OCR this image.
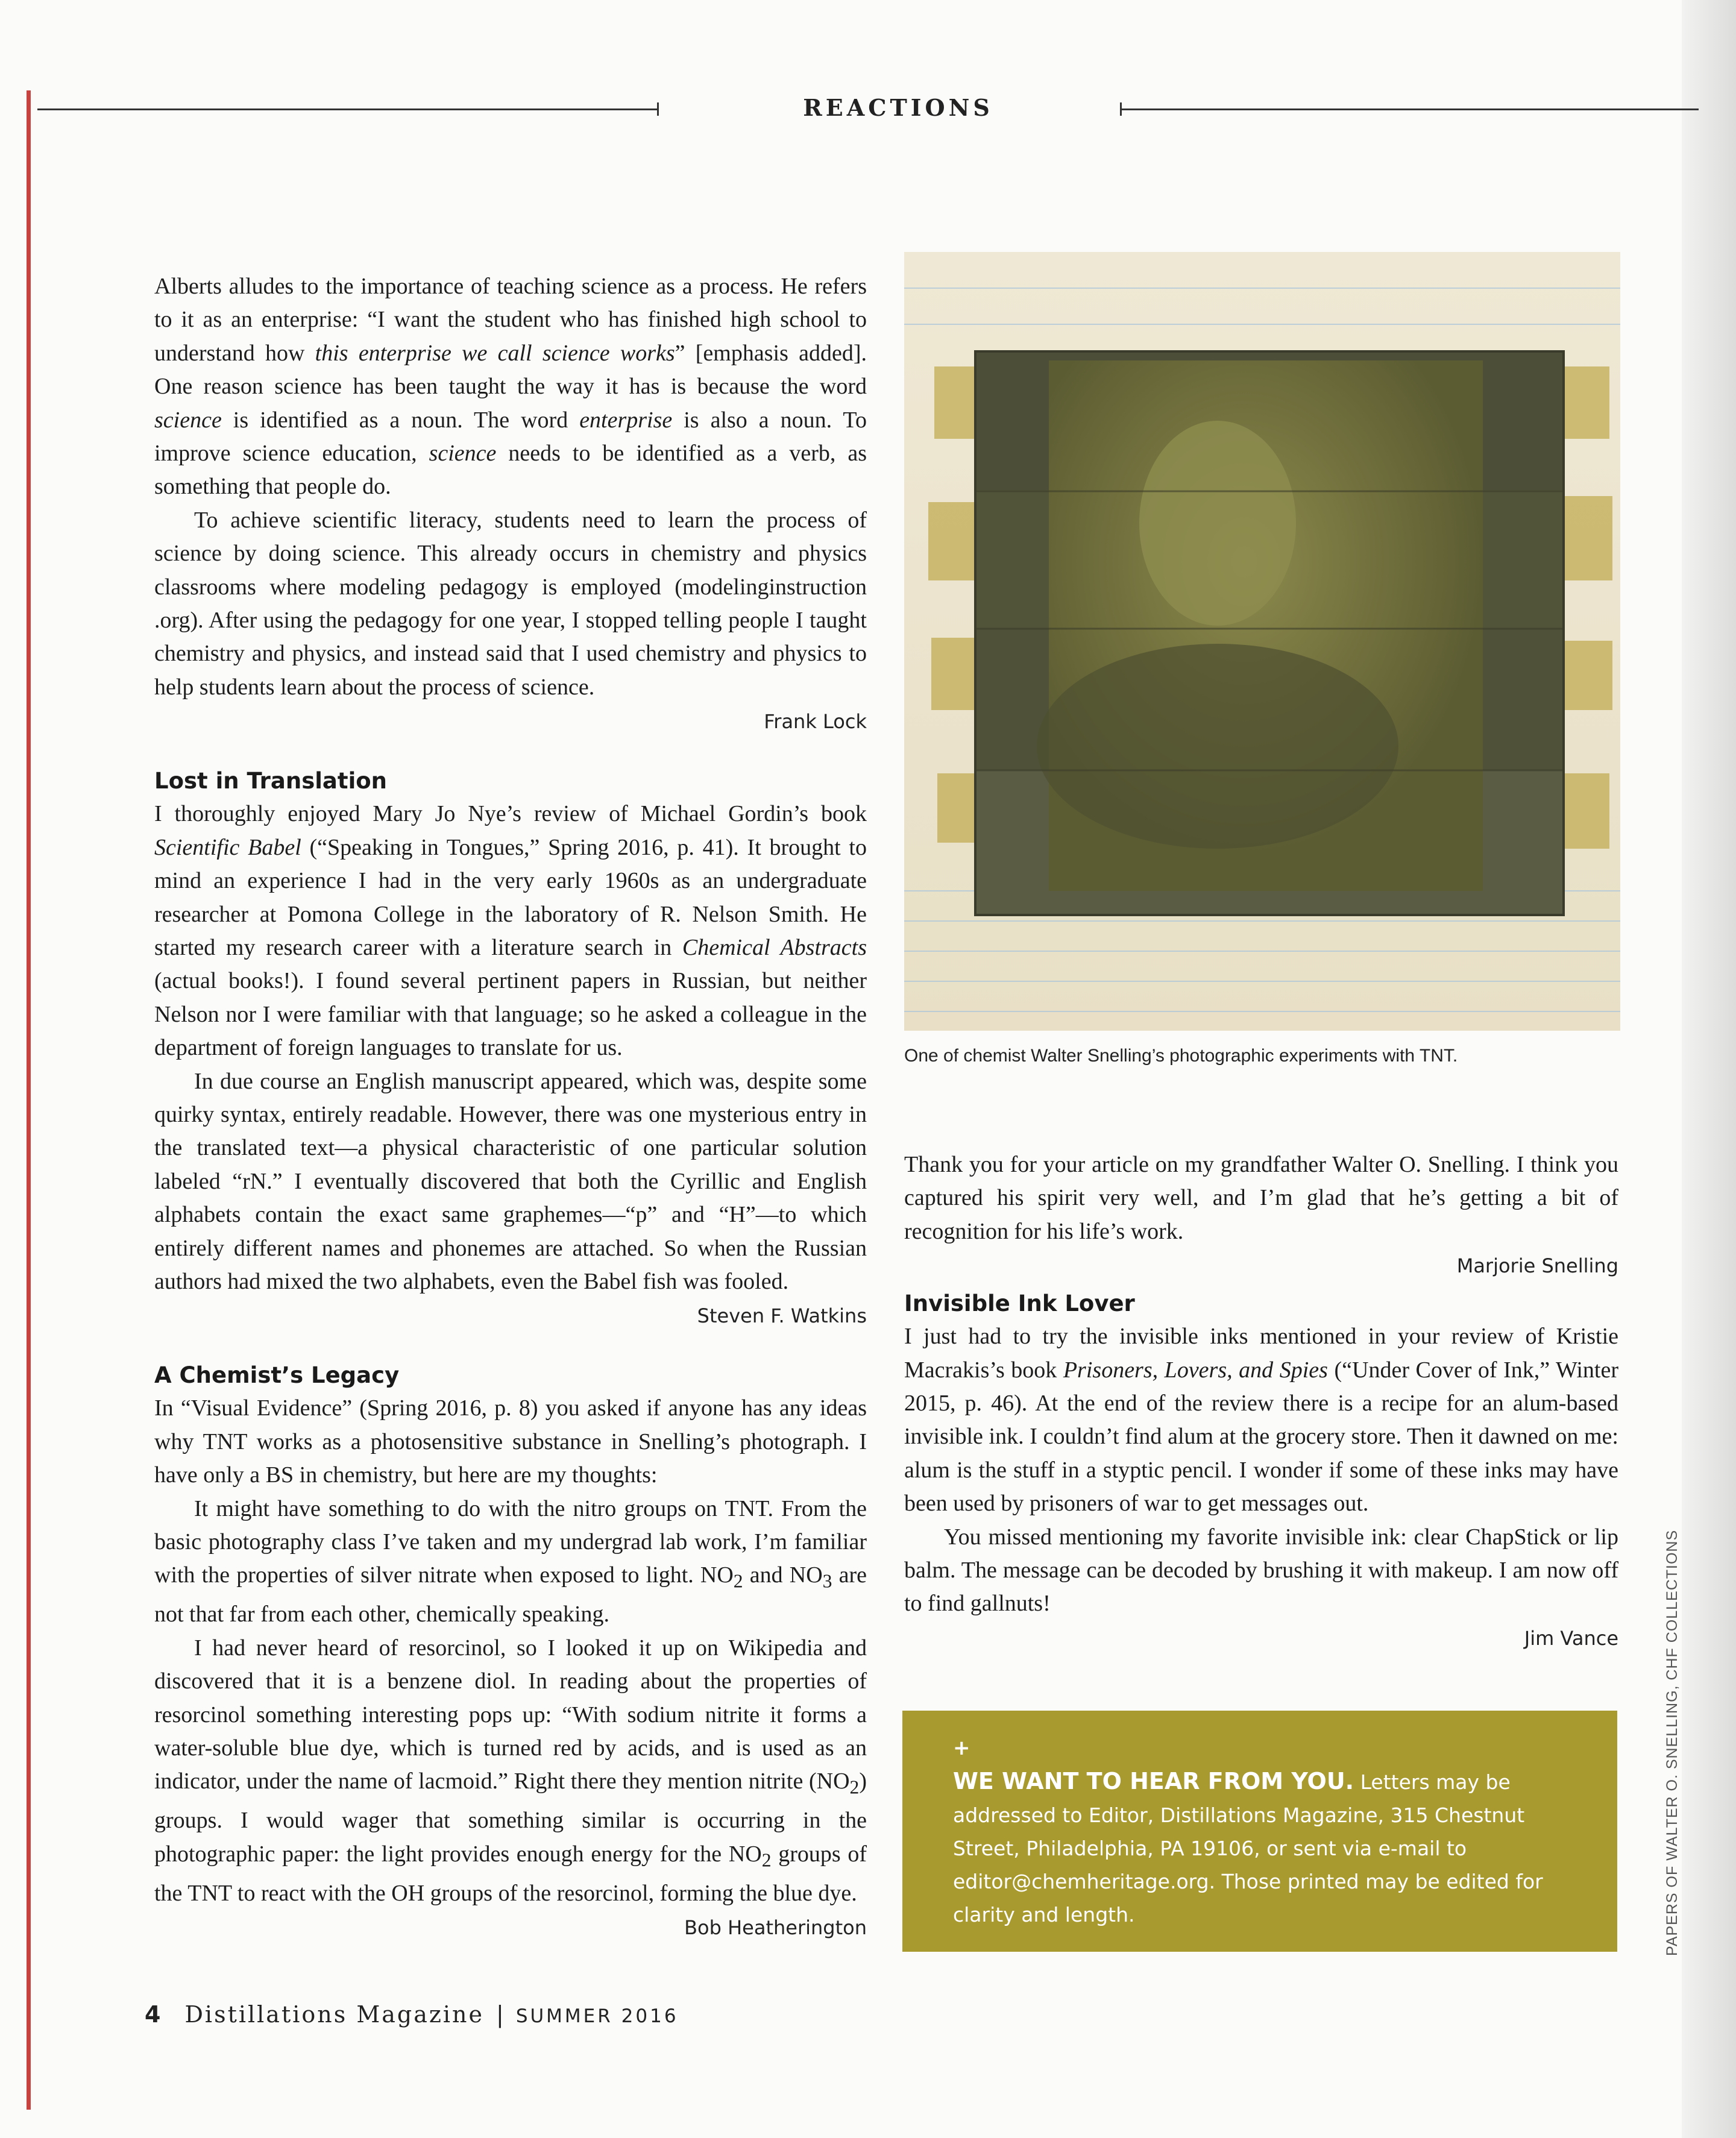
REACTIONS

Alberts alludes to the importance of teaching science as a process. He refers to it as an enterprise: “I want the student who has finished high school to understand how this enterprise we call science works” [emphasis added]. One reason science has been taught the way it has is because the word science is identified as a noun. The word enterprise is also a noun. To improve science education, science needs to be identified as a verb, as something that people do.

To achieve scientific literacy, students need to learn the process of science by doing science. This already occurs in chemistry and physics classrooms where modeling pedagogy is employed (modelinginstruction .org). After using the pedagogy for one year, I stopped telling people I taught chemistry and physics, and instead said that I used chemistry and physics to help students learn about the process of science.

Frank Lock
Lost in Translation

I thoroughly enjoyed Mary Jo Nye’s review of Michael Gordin’s book Scientific Babel (“Speaking in Tongues,” Spring 2016, p. 41). It brought to mind an experience I had in the very early 1960s as an undergraduate researcher at Pomona College in the laboratory of R. Nelson Smith. He started my research career with a literature search in Chemical Abstracts (actual books!). I found several pertinent papers in Russian, but neither Nelson nor I were familiar with that language; so he asked a colleague in the department of foreign languages to translate for us.

In due course an English manuscript appeared, which was, despite some quirky syntax, entirely readable. However, there was one mysterious entry in the translated text—a physical characteristic of one particular solution labeled “rN.” I eventually discovered that both the Cyrillic and English alphabets contain the exact same graphemes—“p” and “H”—to which entirely different names and phonemes are attached. So when the Russian authors had mixed the two alphabets, even the Babel fish was fooled.

Steven F. Watkins
A Chemist’s Legacy

In “Visual Evidence” (Spring 2016, p. 8) you asked if anyone has any ideas why TNT works as a photosensitive substance in Snelling’s photograph. I have only a BS in chemistry, but here are my thoughts:

It might have something to do with the nitro groups on TNT. From the basic photography class I’ve taken and my undergrad lab work, I’m familiar with the properties of silver nitrate when exposed to light. $NO_2$ and $NO_3$ are not that far from each other, chemically speaking.

I had never heard of resorcinol, so I looked it up on Wikipedia and discovered that it is a benzene diol. In reading about the properties of resorcinol something interesting pops up: “With sodium nitrite it forms a water-soluble blue dye, which is turned red by acids, and is used as an indicator, under the name of lacmoid.” Right there they mention nitrite $(NO_2)$ groups. I would wager that something similar is occurring in the photographic paper: the light provides enough energy for the $NO_2$ groups of the TNT to react with the OH groups of the resorcinol, forming the blue dye.

Bob Heatherington
One of chemist Walter Snelling’s photographic experiments with TNT.

Thank you for your article on my grandfather Walter O. Snelling. I think you captured his spirit very well, and I’m glad that he’s getting a bit of recognition for his life’s work.

Marjorie Snelling
Invisible Ink Lover

I just had to try the invisible inks mentioned in your review of Kristie Macrakis’s book Prisoners, Lovers, and Spies (“Under Cover of Ink,” Winter 2015, p. 46). At the end of the review there is a recipe for an alum-based invisible ink. I couldn’t find alum at the grocery store. Then it dawned on me: alum is the stuff in a styptic pencil. I wonder if some of these inks may have been used by prisoners of war to get messages out.

You missed mentioning my favorite invisible ink: clear ChapStick or lip balm. The message can be decoded by brushing it with makeup. I am now off to find gallnuts!

Jim Vance
+
WE WANT TO HEAR FROM YOU. Letters may be addressed to Editor, Distillations Magazine, 315 Chestnut Street, Philadelphia, PA 19106, or sent via e-mail to editor@chemheritage.org. Those printed may be edited for clarity and length.	PAPERS OF WALTER O. SNELLING, CHF COLLECTIONS
4 Distillations Magazine | SUMMER 2016
